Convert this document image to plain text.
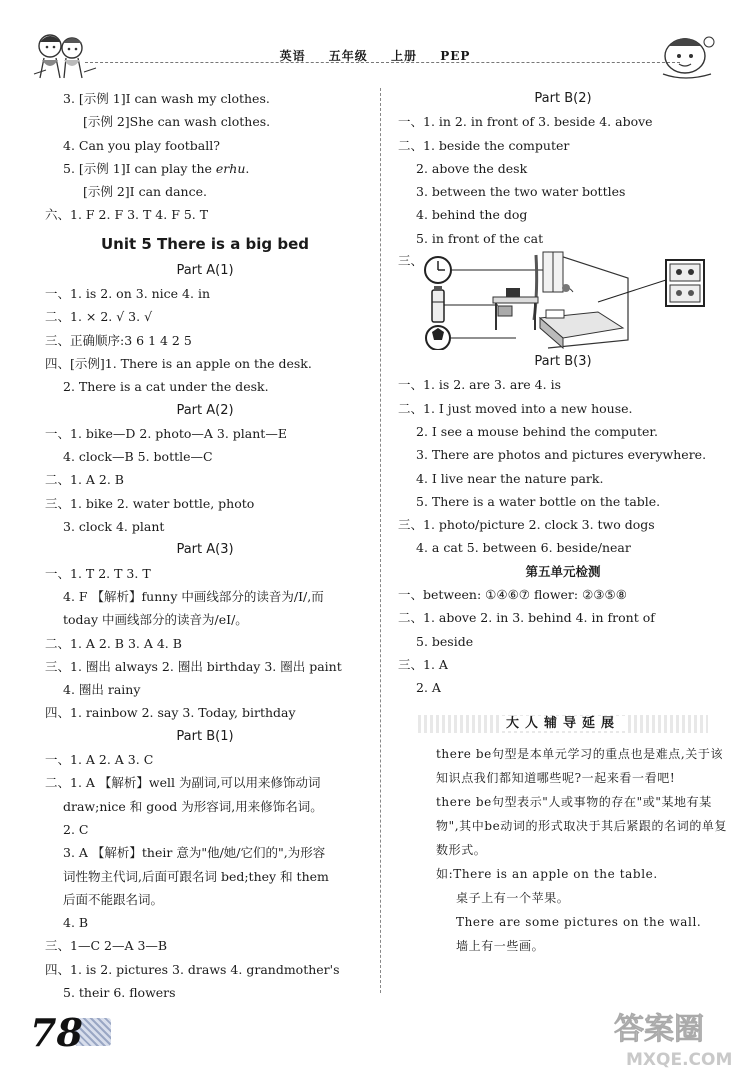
英语 五年级 上册 PEP
3. [示例 1]I can wash my clothes.
[示例 2]She can wash clothes.
4. Can you play football?
5. [示例 1]I can play the erhu.
[示例 2]I can dance.
六、1. F 2. F 3. T 4. F 5. T
Unit 5 There is a big bed
Part A(1)
一、1. is 2. on 3. nice 4. in
二、1. × 2. √ 3. √
三、正确顺序:3 6 1 4 2 5
四、[示例]1. There is an apple on the desk.
2. There is a cat under the desk.
Part A(2)
一、1. bike—D 2. photo—A 3. plant—E
4. clock—B 5. bottle—C
二、1. A 2. B
三、1. bike 2. water bottle, photo
3. clock 4. plant
Part A(3)
一、1. T 2. T 3. T
4. F 【解析】funny 中画线部分的读音为/I/,而
today 中画线部分的读音为/eI/。
二、1. A 2. B 3. A 4. B
三、1. 圈出 always 2. 圈出 birthday 3. 圈出 paint
4. 圈出 rainy
四、1. rainbow 2. say 3. Today, birthday
Part B(1)
一、1. A 2. A 3. C
二、1. A 【解析】well 为副词,可以用来修饰动词
draw;nice 和 good 为形容词,用来修饰名词。
2. C
3. A 【解析】their 意为"他/她/它们的",为形容
词性物主代词,后面可跟名词 bed;they 和 them
后面不能跟名词。
4. B
三、1—C 2—A 3—B
四、1. is 2. pictures 3. draws 4. grandmother's
5. their 6. flowers
Part B(2)
一、1. in 2. in front of 3. beside 4. above
二、1. beside the computer
2. above the desk
3. between the two water bottles
4. behind the dog
5. in front of the cat
三、
Part B(3)
一、1. is 2. are 3. are 4. is
二、1. I just moved into a new house.
2. I see a mouse behind the computer.
3. There are photos and pictures everywhere.
4. I live near the nature park.
5. There is a water bottle on the table.
三、1. photo/picture 2. clock 3. two dogs
4. a cat 5. between 6. beside/near
第五单元检测
一、between: ①④⑥⑦ flower: ②③⑤⑧
二、1. above 2. in 3. behind 4. in front of
5. beside
三、1. A
2. A
大人辅导延展

there be句型是本单元学习的重点也是难点,关于该知识点我们都知道哪些呢?一起来看一看吧!

there be句型表示"人或事物的存在"或"某地有某物",其中be动词的形式取决于其后紧跟的名词的单复数形式。

如:There is an apple on the table.

桌子上有一个苹果。

There are some pictures on the wall.

墙上有一些画。

78	答案圈
MXQE.COM
